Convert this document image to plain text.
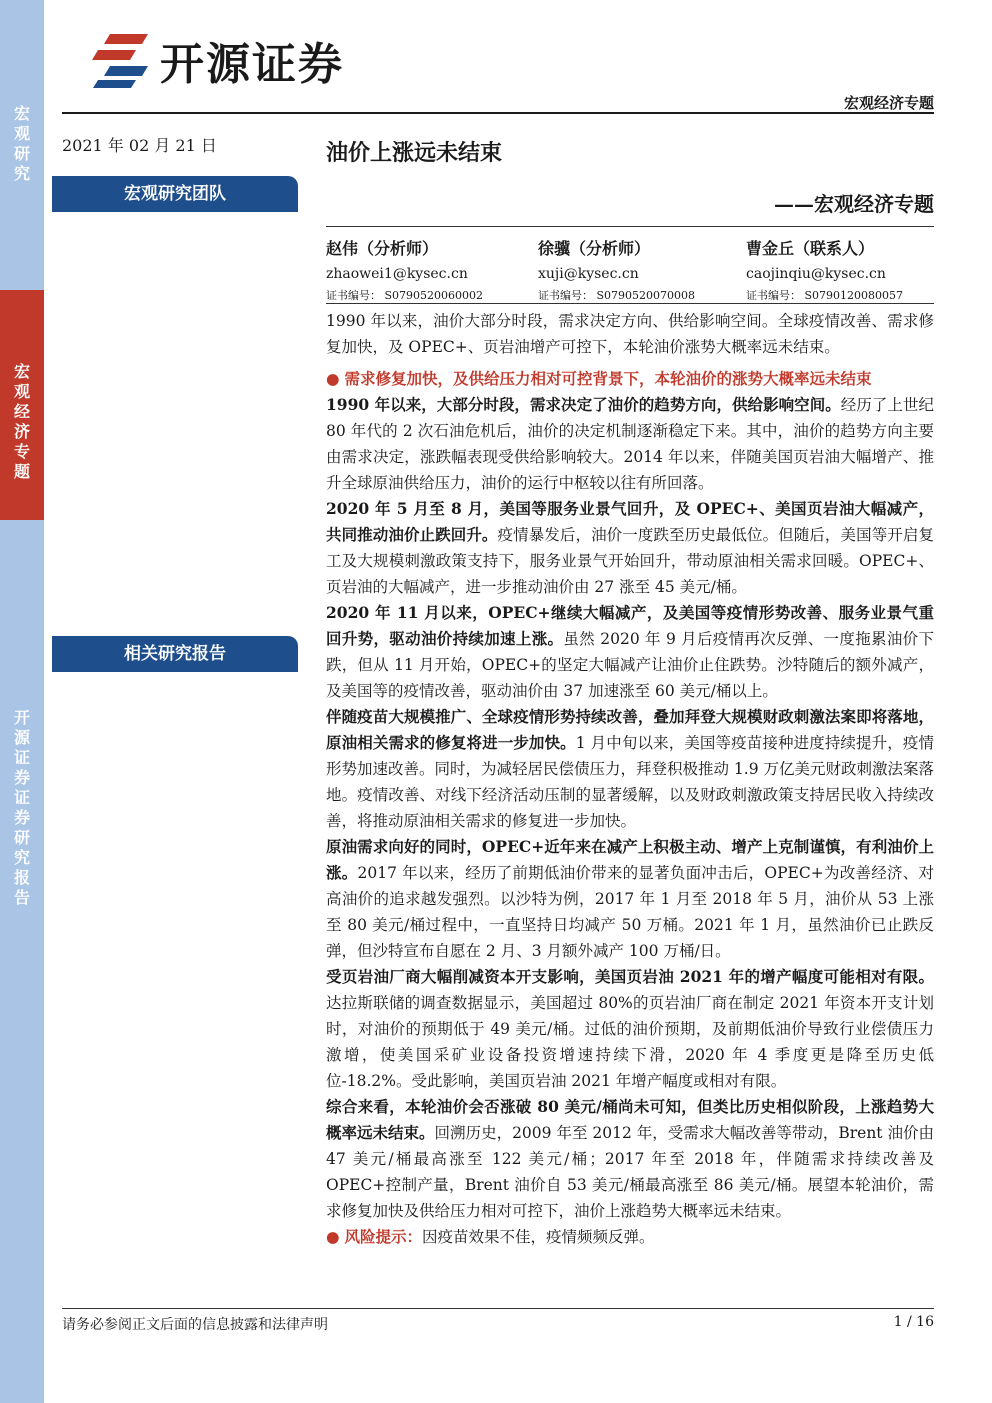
宏观研究
宏观经济专题
开源证券 证券研究报告
开源证券
宏观经济专题
2021 年 02 月 21 日	油价上涨远未结束
——宏观经济专题
宏观研究团队
相关研究报告
赵伟（分析师）
zhaowei1@kysec.cn
证书编号： S0790520060002
徐骥（分析师）
xuji@kysec.cn
证书编号： S0790520070008
曹金丘（联系人）
caojinqiu@kysec.cn
证书编号： S0790120080057

1990 年以来，油价大部分时段，需求决定方向、供给影响空间。全球疫情改善、需求修复加快，及 OPEC+、页岩油增产可控下，本轮油价涨势大概率远未结束。

● 需求修复加快，及供给压力相对可控背景下，本轮油价的涨势大概率远未结束

1990 年以来，大部分时段，需求决定了油价的趋势方向，供给影响空间。经历了上世纪 80 年代的 2 次石油危机后，油价的决定机制逐渐稳定下来。其中，油价的趋势方向主要由需求决定，涨跌幅表现受供给影响较大。2014 年以来，伴随美国页岩油大幅增产、推升全球原油供给压力，油价的运行中枢较以往有所回落。

2020 年 5 月至 8 月，美国等服务业景气回升，及 OPEC+、美国页岩油大幅减产，共同推动油价止跌回升。疫情暴发后，油价一度跌至历史最低位。但随后，美国等开启复工及大规模刺激政策支持下，服务业景气开始回升，带动原油相关需求回暖。OPEC+、页岩油的大幅减产，进一步推动油价由 27 涨至 45 美元/桶。

2020 年 11 月以来，OPEC+继续大幅减产，及美国等疫情形势改善、服务业景气重回升势，驱动油价持续加速上涨。虽然 2020 年 9 月后疫情再次反弹、一度拖累油价下跌，但从 11 月开始，OPEC+的坚定大幅减产让油价止住跌势。沙特随后的额外减产，及美国等的疫情改善，驱动油价由 37 加速涨至 60 美元/桶以上。

伴随疫苗大规模推广、全球疫情形势持续改善，叠加拜登大规模财政刺激法案即将落地，原油相关需求的修复将进一步加快。1 月中旬以来，美国等疫苗接种进度持续提升，疫情形势加速改善。同时，为减轻居民偿债压力，拜登积极推动 1.9 万亿美元财政刺激法案落地。疫情改善、对线下经济活动压制的显著缓解，以及财政刺激政策支持居民收入持续改善，将推动原油相关需求的修复进一步加快。

原油需求向好的同时，OPEC+近年来在减产上积极主动、增产上克制谨慎，有利油价上涨。2017 年以来，经历了前期低油价带来的显著负面冲击后，OPEC+为改善经济、对高油价的追求越发强烈。以沙特为例，2017 年 1 月至 2018 年 5 月，油价从 53 上涨至 80 美元/桶过程中，一直坚持日均减产 50 万桶。2021 年 1 月，虽然油价已止跌反弹，但沙特宣布自愿在 2 月、3 月额外减产 100 万桶/日。

受页岩油厂商大幅削减资本开支影响，美国页岩油 2021 年的增产幅度可能相对有限。达拉斯联储的调查数据显示，美国超过 80%的页岩油厂商在制定 2021 年资本开支计划时，对油价的预期低于 49 美元/桶。过低的油价预期，及前期低油价导致行业偿债压力激增，使美国采矿业设备投资增速持续下滑，2020 年 4 季度更是降至历史低位-18.2%。受此影响，美国页岩油 2021 年增产幅度或相对有限。

综合来看，本轮油价会否涨破 80 美元/桶尚未可知，但类比历史相似阶段，上涨趋势大概率远未结束。回溯历史，2009 年至 2012 年，受需求大幅改善等带动，Brent 油价由 47 美元/桶最高涨至 122 美元/桶；2017 年至 2018 年，伴随需求持续改善及 OPEC+控制产量，Brent 油价自 53 美元/桶最高涨至 86 美元/桶。展望本轮油价，需求修复加快及供给压力相对可控下，油价上涨趋势大概率远未结束。

● 风险提示：因疫苗效果不佳，疫情频频反弹。

请务必参阅正文后面的信息披露和法律声明	1 / 16
